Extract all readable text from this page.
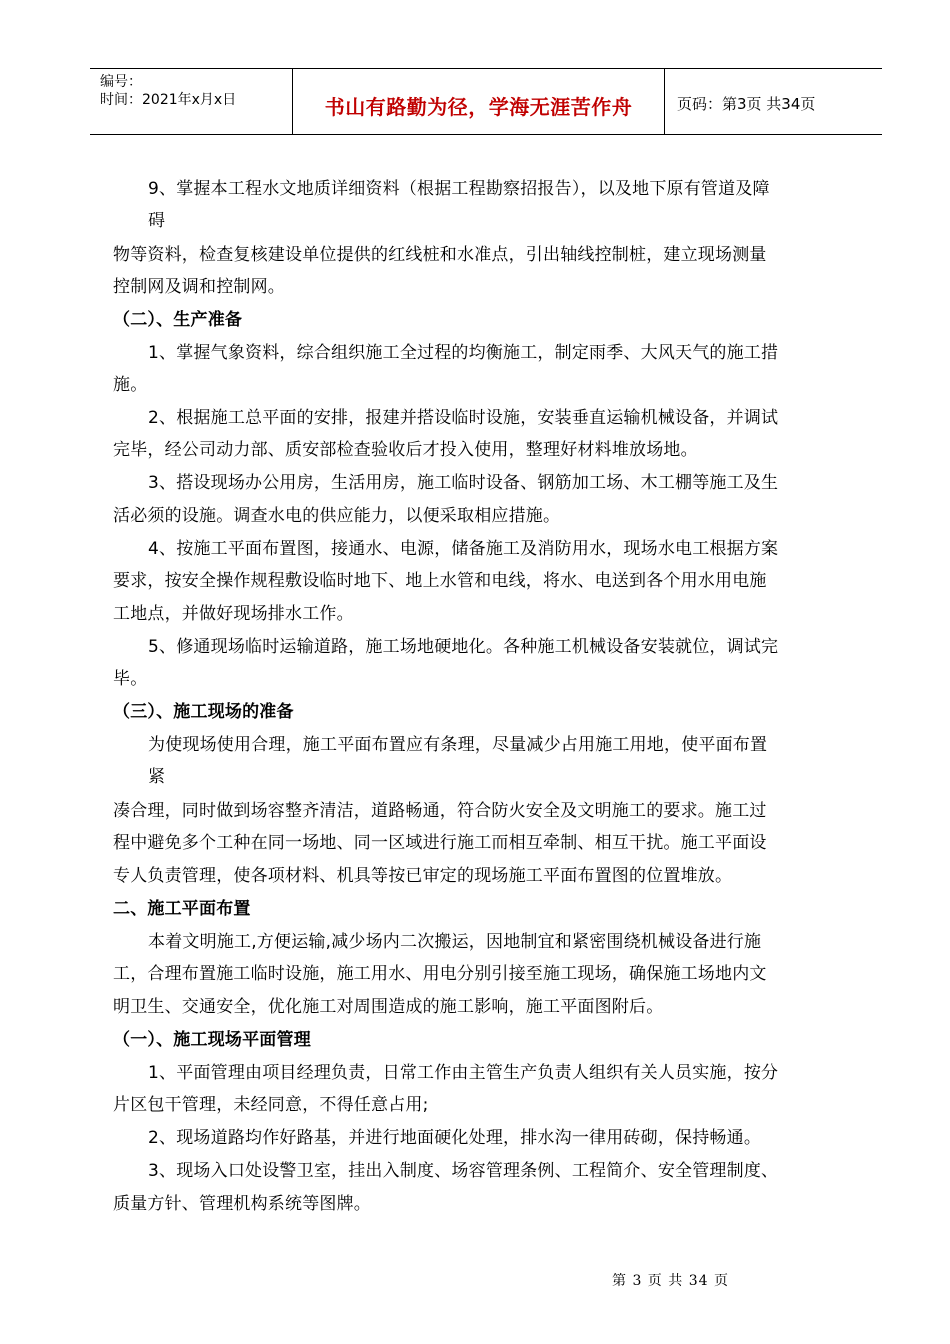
编号：
时间：2021年x月x日	书山有路勤为径，学海无涯苦作舟	页码：第3页 共34页
9、掌握本工程水文地质详细资料（根据工程勘察招报告），以及地下原有管道及障
碍
物等资料，检查复核建设单位提供的红线桩和水准点，引出轴线控制桩，建立现场测量
控制网及调和控制网。
（二）、生产准备
1、掌握气象资料，综合组织施工全过程的均衡施工，制定雨季、大风天气的施工措
施。
2、根据施工总平面的安排，报建并搭设临时设施，安装垂直运输机械设备，并调试
完毕，经公司动力部、质安部检查验收后才投入使用，整理好材料堆放场地。
3、搭设现场办公用房，生活用房，施工临时设备、钢筋加工场、木工棚等施工及生
活必须的设施。调查水电的供应能力，以便采取相应措施。
4、按施工平面布置图，接通水、电源，储备施工及消防用水，现场水电工根据方案
要求，按安全操作规程敷设临时地下、地上水管和电线，将水、电送到各个用水用电施
工地点，并做好现场排水工作。
5、修通现场临时运输道路，施工场地硬地化。各种施工机械设备安装就位，调试完
毕。
（三）、施工现场的准备
为使现场使用合理，施工平面布置应有条理，尽量减少占用施工用地，使平面布置
紧
凑合理，同时做到场容整齐清洁，道路畅通，符合防火安全及文明施工的要求。施工过
程中避免多个工种在同一场地、同一区域进行施工而相互牵制、相互干扰。施工平面设
专人负责管理，使各项材料、机具等按已审定的现场施工平面布置图的位置堆放。
二、施工平面布置
本着文明施工,方便运输,减少场内二次搬运，因地制宜和紧密围绕机械设备进行施
工，合理布置施工临时设施，施工用水、用电分别引接至施工现场，确保施工场地内文
明卫生、交通安全，优化施工对周围造成的施工影响，施工平面图附后。
（一）、施工现场平面管理
1、平面管理由项目经理负责，日常工作由主管生产负责人组织有关人员实施，按分
片区包干管理，未经同意，不得任意占用;
2、现场道路均作好路基，并进行地面硬化处理，排水沟一律用砖砌，保持畅通。
3、现场入口处设警卫室，挂出入制度、场容管理条例、工程简介、安全管理制度、
质量方针、管理机构系统等图牌。
第 3 页 共 34 页
